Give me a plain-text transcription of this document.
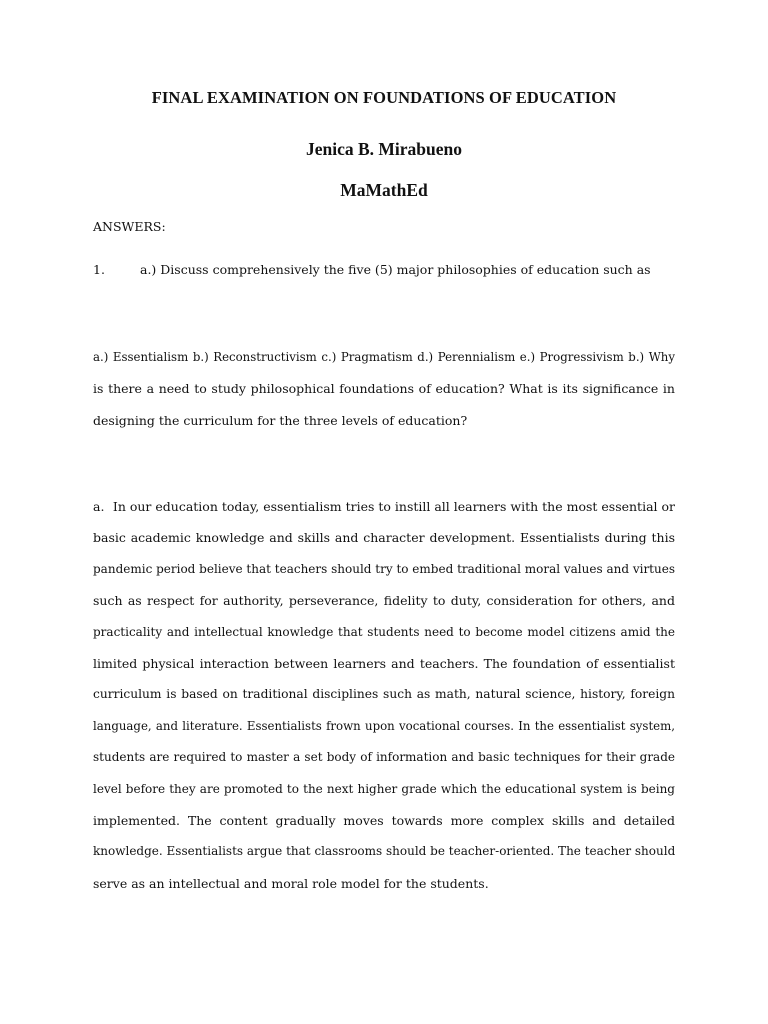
FINAL EXAMINATION ON FOUNDATIONS OF EDUCATION
Jenica B. Mirabueno
MaMathEd
ANSWERS:
1.	a.) Discuss comprehensively the five (5) major philosophies of education such as
a.) Essentialism b.) Reconstructivism c.) Pragmatism d.) Perennialism e.) Progressivism b.) Why
is there a need to study philosophical foundations of education? What is its significance in
designing the curriculum for the three levels of education?
a. In our education today, essentialism tries to instill all learners with the most essential or
basic academic knowledge and skills and character development. Essentialists during this
pandemic period believe that teachers should try to embed traditional moral values and virtues
such as respect for authority, perseverance, fidelity to duty, consideration for others, and
practicality and intellectual knowledge that students need to become model citizens amid the
limited physical interaction between learners and teachers. The foundation of essentialist
curriculum is based on traditional disciplines such as math, natural science, history, foreign
language, and literature. Essentialists frown upon vocational courses. In the essentialist system,
students are required to master a set body of information and basic techniques for their grade
level before they are promoted to the next higher grade which the educational system is being
implemented. The content gradually moves towards more complex skills and detailed
knowledge. Essentialists argue that classrooms should be teacher-oriented. The teacher should
serve as an intellectual and moral role model for the students.
